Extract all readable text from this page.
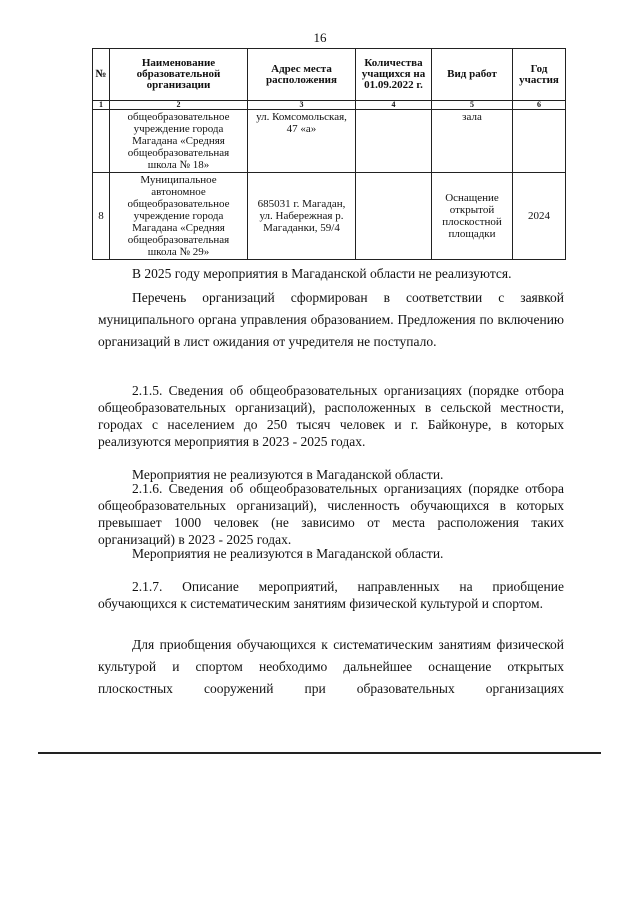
16
№	Наименование образовательной организации	Адрес места расположения	Количества учащихся на 01.09.2022 г.	Вид работ	Год участия
1	2	3	4	5	6
	общеобразовательное учреждение города Магадана «Средняя общеобразовательная школа № 18»	ул. Комсомольская, 47 «а»		зала	
8	Муниципальное автономное общеобразовательное учреждение города Магадана «Средняя общеобразовательная школа № 29»	685031 г. Магадан, ул. Набережная р. Магаданки, 59/4		Оснащение открытой плоскостной площадки	2024
В 2025 году мероприятия в Магаданской области не реализуются.
Перечень организаций сформирован в соответствии с заявкой муниципального органа управления образованием. Предложения по включению организаций в лист ожидания от учредителя не поступало.
2.1.5. Сведения об общеобразовательных организациях (порядке отбора общеобразовательных организаций), расположенных в сельской местности, городах с населением до 250 тысяч человек и г. Байконуре, в которых реализуются мероприятия в 2023 - 2025 годах.
Мероприятия не реализуются в Магаданской области.
2.1.6. Сведения об общеобразовательных организациях (порядке отбора общеобразовательных организаций), численность обучающихся в которых превышает 1000 человек (не зависимо от места расположения таких организаций) в 2023 - 2025 годах.
Мероприятия не реализуются в Магаданской области.
2.1.7. Описание мероприятий, направленных на приобщение обучающихся к систематическим занятиям физической культурой и спортом.
Для приобщения обучающихся к систематическим занятиям физической культурой и спортом необходимо дальнейшее оснащение открытых плоскостных сооружений при образовательных организациях
